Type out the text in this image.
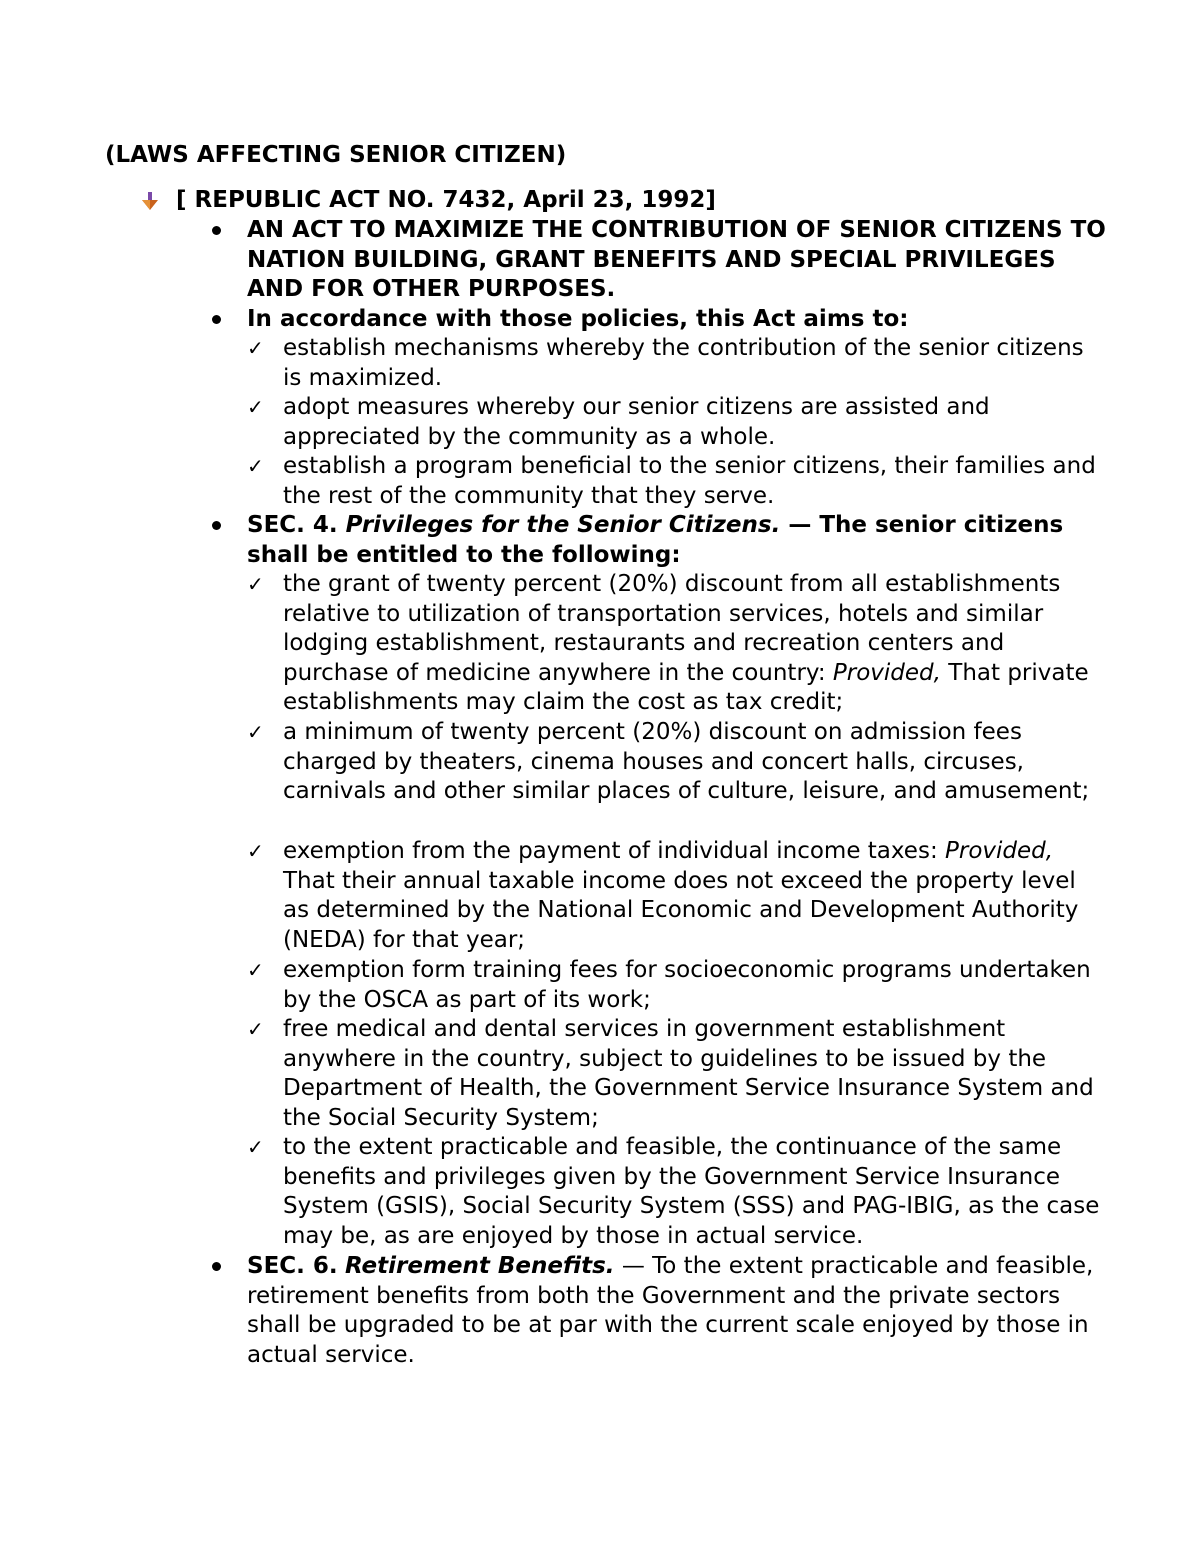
(LAWS AFFECTING SENIOR CITIZEN)
[ REPUBLIC ACT NO. 7432, April 23, 1992]
AN ACT TO MAXIMIZE THE CONTRIBUTION OF SENIOR CITIZENS TO NATION BUILDING, GRANT BENEFITS AND SPECIAL PRIVILEGES AND FOR OTHER PURPOSES.
In accordance with those policies, this Act aims to:
✓ establish mechanisms whereby the contribution of the senior citizens is maximized.
✓ adopt measures whereby our senior citizens are assisted and appreciated by the community as a whole.
✓ establish a program beneficial to the senior citizens, their families and the rest of the community that they serve.
SEC. 4. Privileges for the Senior Citizens. — The senior citizens shall be entitled to the following:
✓ the grant of twenty percent (20%) discount from all establishments relative to utilization of transportation services, hotels and similar lodging establishment, restaurants and recreation centers and purchase of medicine anywhere in the country: Provided, That private establishments may claim the cost as tax credit;
✓ a minimum of twenty percent (20%) discount on admission fees charged by theaters, cinema houses and concert halls, circuses, carnivals and other similar places of culture, leisure, and amusement;
✓ exemption from the payment of individual income taxes: Provided, That their annual taxable income does not exceed the property level as determined by the National Economic and Development Authority (NEDA) for that year;
✓ exemption form training fees for socioeconomic programs undertaken by the OSCA as part of its work;
✓ free medical and dental services in government establishment anywhere in the country, subject to guidelines to be issued by the Department of Health, the Government Service Insurance System and the Social Security System;
✓ to the extent practicable and feasible, the continuance of the same benefits and privileges given by the Government Service Insurance System (GSIS), Social Security System (SSS) and PAG-IBIG, as the case may be, as are enjoyed by those in actual service.
SEC. 6. Retirement Benefits. — To the extent practicable and feasible, retirement benefits from both the Government and the private sectors shall be upgraded to be at par with the current scale enjoyed by those in actual service.
